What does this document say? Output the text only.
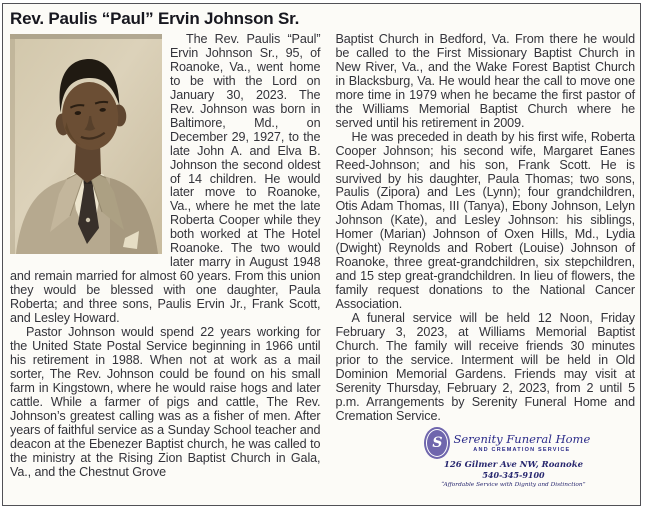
Rev. Paulis “Paul” Ervin Johnson Sr.

The Rev. Paulis “Paul” Ervin Johnson Sr., 95, of Roanoke, Va., went home to be with the Lord on January 30, 2023. The Rev. Johnson was born in Baltimore, Md., on December 29, 1927, to the late John A. and Elva B. Johnson the second oldest of 14 children. He would later move to Roanoke, Va., where he met the late Roberta Cooper while they both worked at The Hotel Roanoke. The two would later marry in August 1948 and remain married for almost 60 years. From this union they would be blessed with one daughter, Paula Roberta; and three sons, Paulis Ervin Jr., Frank Scott, and Lesley Howard.

Pastor Johnson would spend 22 years working for the United State Postal Service beginning in 1966 until his retirement in 1988. When not at work as a mail sorter, The Rev. Johnson could be found on his small farm in Kingstown, where he would raise hogs and later cattle. While a farmer of pigs and cattle, The Rev. Johnson’s greatest calling was as a fisher of men. After years of faithful service as a Sunday School teacher and deacon at the Ebenezer Baptist church, he was called to the ministry at the Rising Zion Baptist Church in Gala, Va., and the Chestnut Grove

Baptist Church in Bedford, Va. From there he would be called to the First Missionary Baptist Church in New River, Va., and the Wake Forest Baptist Church in Blacksburg, Va. He would hear the call to move one more time in 1979 when he became the first pastor of the Williams Memorial Baptist Church where he served until his retirement in 2009.

He was preceded in death by his first wife, Roberta Cooper Johnson; his second wife, Margaret Eanes Reed-Johnson; and his son, Frank Scott. He is survived by his daughter, Paula Thomas; two sons, Paulis (Zipora) and Les (Lynn); four grandchildren, Otis Adam Thomas, III (Tanya), Ebony Johnson, Lelyn Johnson (Kate), and Lesley Johnson: his siblings, Homer (Marian) Johnson of Oxen Hills, Md., Lydia (Dwight) Reynolds and Robert (Louise) Johnson of Roanoke, three great-grandchildren, six stepchildren, and 15 step great-grandchildren. In lieu of flowers, the family request donations to the National Cancer Association.

A funeral service will be held 12 Noon, Friday February 3, 2023, at Williams Memorial Baptist Church. The family will receive friends 30 minutes prior to the service. Interment will be held in Old Dominion Memorial Gardens. Friends may visit at Serenity Thursday, February 2, 2023, from 2 until 5 p.m. Arrangements by Serenity Funeral Home and Cremation Service.

S Serenity Funeral Home
AND CREMATION SERVICE
126 Gilmer Ave NW, Roanoke
540-345-9100
“Affordable Service with Dignity and Distinction”
